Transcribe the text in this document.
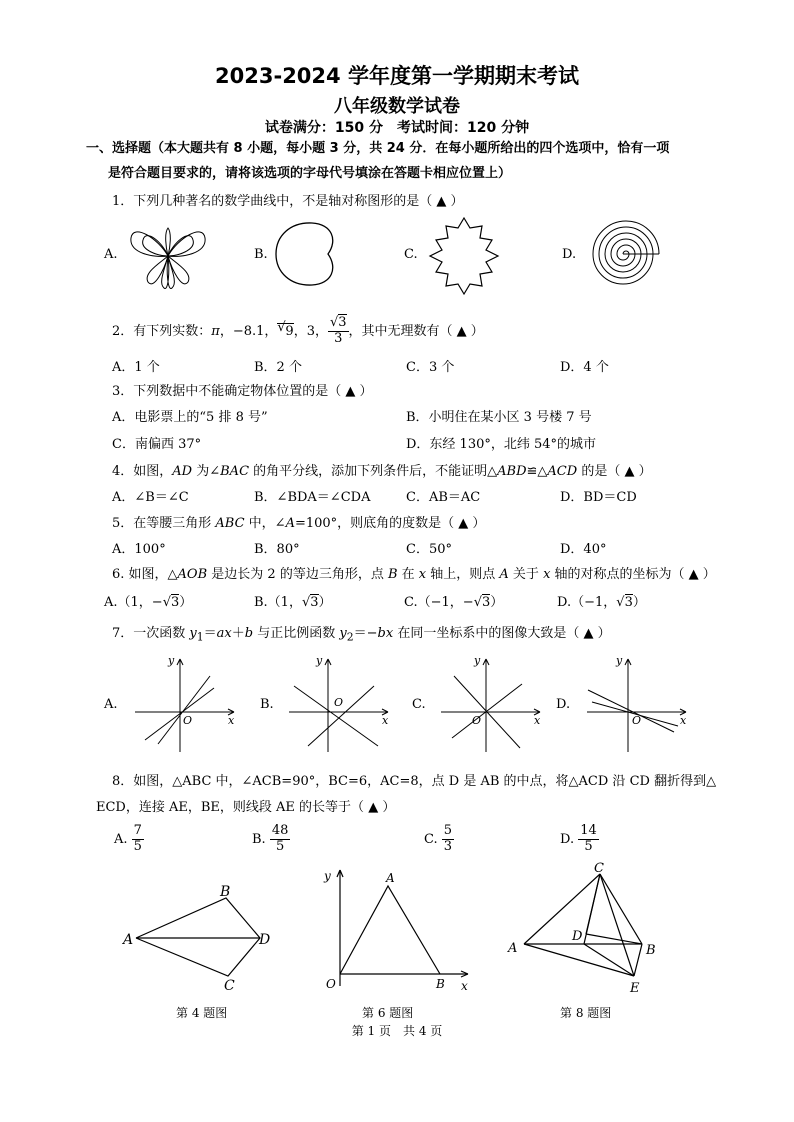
2023-2024 学年度第一学期期末考试
八年级数学试卷
试卷满分：150 分　考试时间：120 分钟
一、选择题（本大题共有 8 小题，每小题 3 分，共 24 分．在每小题所给出的四个选项中，恰有一项
是符合题目要求的，请将该选项的字母代号填涂在答题卡相应位置上）
1．下列几种著名的数学曲线中，不是轴对称图形的是（ ▲ ）
A.	B.	C.	D.
2．有下列实数：π，−8.1， √ 9，3， $\frac{√3}{3}$ ，其中无理数有（ ▲ ）
A．1 个	B．2 个	C．3 个	D．4 个
3．下列数据中不能确定物体位置的是（ ▲ ）
A．电影票上的“5 排 8 号”	B．小明住在某小区 3 号楼 7 号
C．南偏西 37°	D．东经 130°，北纬 54°的城市
4．如图，AD 为∠BAC 的角平分线，添加下列条件后，不能证明△ABD≌△ACD 的是（ ▲ ）
A．∠B＝∠C	B．∠BDA＝∠CDA	C．AB＝AC	D．BD＝CD
5．在等腰三角形 ABC 中，∠A=100°，则底角的度数是（ ▲ ）
A．100°	B．80°	C．50°	D．40°
6. 如图，△AOB 是边长为 2 的等边三角形，点 B 在 x 轴上，则点 A 关于 x 轴的对称点的坐标为（ ▲ ）
A.（1，−√3）	B.（1，√3）	C.（−1，−√3）	D.（−1，√3）
7．一次函数 $y_1=ax+b$ 与正比例函数 $y_2=-bx$ 在同一坐标系中的图像大致是（ ▲ ）
A.	B.	C.	D.
y
x
O
y
x
O
y
x
O
y
x
O
8．如图，△ABC 中，∠ACB=90°，BC=6，AC=8，点 D 是 AB 的中点，将△ACD 沿 CD 翻折得到△
ECD，连接 AE，BE，则线段 AE 的长等于（ ▲ ）
A. $\frac{7}{5}$	B. $\frac{48}{5}$	C. $\frac{5}{3}$	D. $\frac{14}{5}$
A
B
C
D
第 4 题图
y	A
O	B x
第 6 题图
C
A
D
B
E
第 8 题图
第 1 页　共 4 页
